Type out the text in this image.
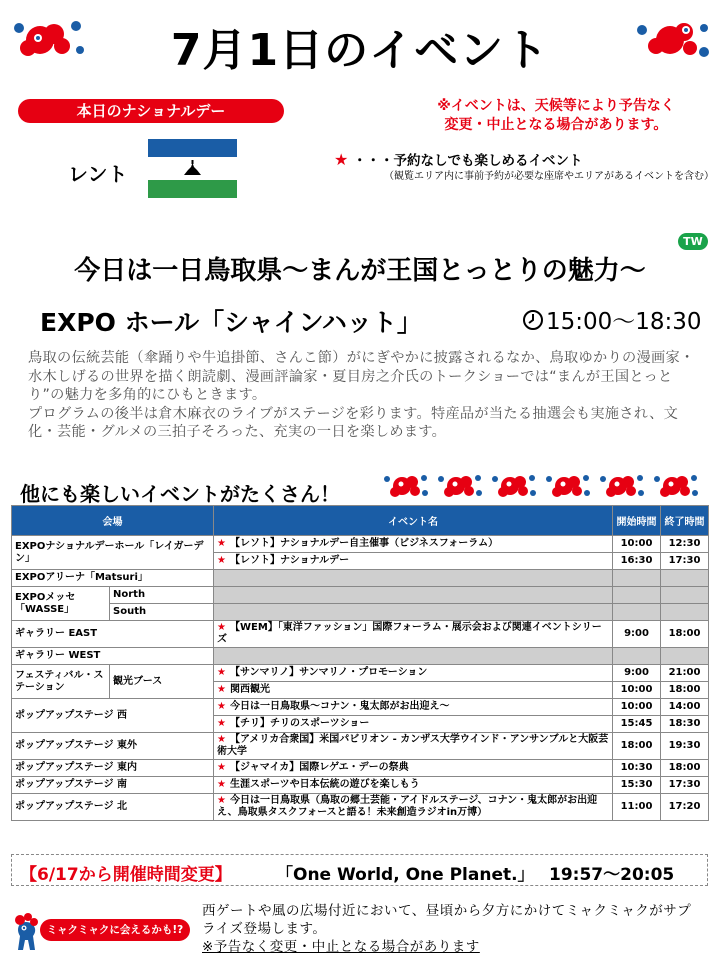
7月1日のイベント
本日のナショナルデー	※イベントは、天候等により予告なく
変更・中止となる場合があります。
レント
★ ・・・予約なしでも楽しめるイベント
（観覧エリア内に事前予約が必要な座席やエリアがあるイベントを含む）
TW
今日は一日鳥取県～まんが王国とっとりの魅力～
EXPO ホール「シャインハット」	15:00～18:30
鳥取の伝統芸能（傘踊りや牛追掛節、さんこ節）がにぎやかに披露されるなか、鳥取ゆかりの漫画家・水木しげるの世界を描く朗読劇、漫画評論家・夏目房之介氏のトークショーでは“まんが王国とっとり”の魅力を多角的にひもときます。
プログラムの後半は倉木麻衣のライブがステージを彩ります。特産品が当たる抽選会も実施され、文化・芸能・グルメの三拍子そろった、充実の一日を楽しめます。
他にも楽しいイベントがたくさん！
会場		イベント名	開始時間	終了時間
EXPOナショナルデーホール「レイガーデン」		★ 【レソト】ナショナルデー自主催事（ビジネスフォーラム）	10:00	12:30
		★ 【レソト】ナショナルデー	16:30	17:30
EXPOアリーナ「Matsuri」				
EXPOメッセ「WASSE」	North			
	South			
ギャラリー EAST		★ 【WEM】「東洋ファッション」国際フォーラム・展示会および関連イベントシリーズ	9:00	18:00
ギャラリー WEST				
フェスティバル・ステーション	観光ブース	★ 【サンマリノ】サンマリノ・プロモーション	9:00	21:00
		★ 関西観光	10:00	18:00
ポップアップステージ 西		★ 今日は一日鳥取県～コナン・鬼太郎がお出迎え～	10:00	14:00
		★ 【チリ】チリのスポーツショー	15:45	18:30
ポップアップステージ 東外		★ 【アメリカ合衆国】米国パビリオン - カンザス大学ウインド・アンサンブルと大阪芸術大学	18:00	19:30
ポップアップステージ 東内		★ 【ジャマイカ】国際レゲエ・デーの祭典	10:30	18:00
ポップアップステージ 南		★ 生涯スポーツや日本伝統の遊びを楽しもう	15:30	17:30
ポップアップステージ 北		★ 今日は一日鳥取県（鳥取の郷土芸能・アイドルステージ、コナン・鬼太郎がお出迎え、鳥取県タスクフォースと語る！未来創造ラジオin万博）	11:00	17:20
【6/17から開催時間変更】	「One World, One Planet.」 19:57～20:05
ミャクミャクに会えるかも!?
西ゲートや風の広場付近において、昼頃から夕方にかけてミャクミャクがサプライズ登場します。
※予告なく変更・中止となる場合があります
